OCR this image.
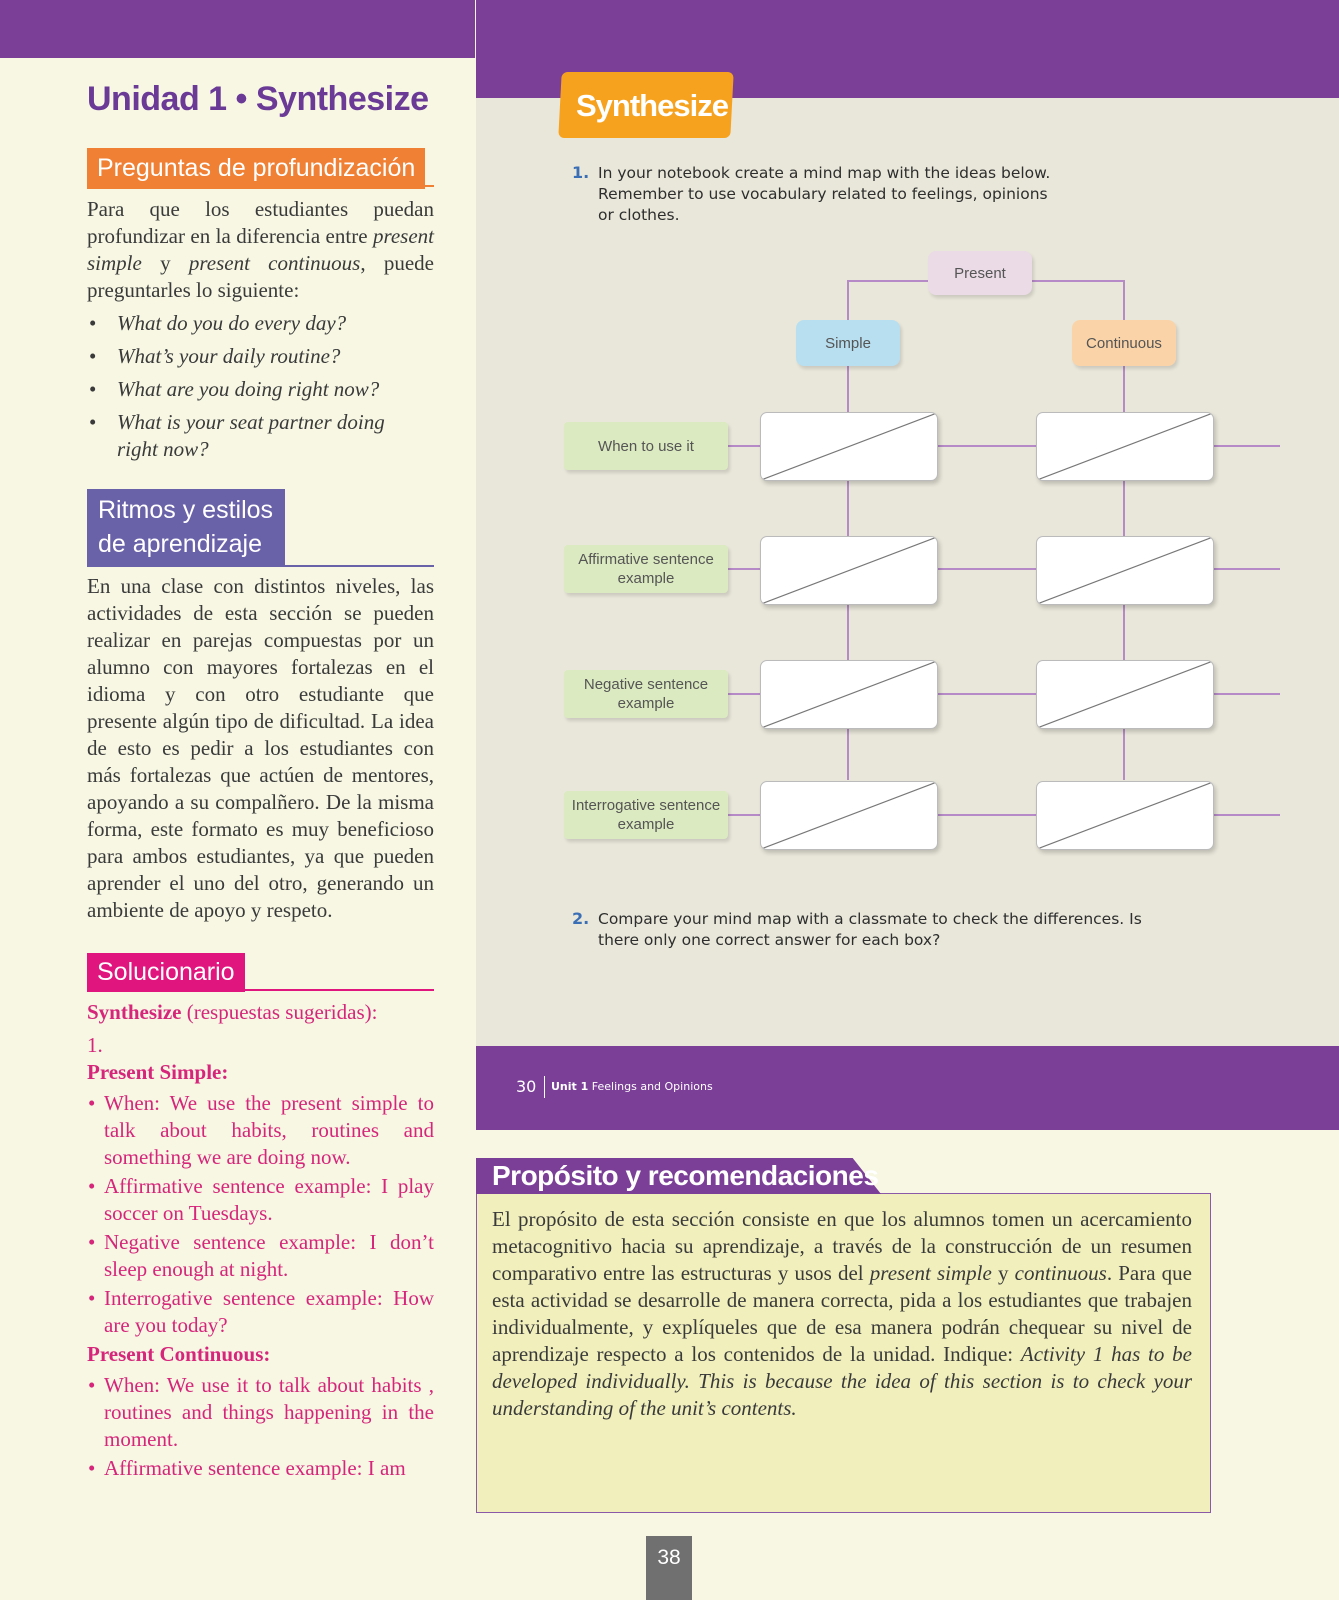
Unidad 1 • Synthesize
Preguntas de profundización
Para que los estudiantes puedan profundizar en la diferencia entre present simple y present continuous, puede preguntarles lo siguiente:
• What do you do every day?
• What’s your daily routine?
• What are you doing right now?
• What is your seat partner doing right now?
Ritmos y estilos
de aprendizaje
En una clase con distintos niveles, las actividades de esta sección se pueden realizar en parejas compuestas por un alumno con mayores fortalezas en el idioma y con otro estudiante que presente algún tipo de dificultad. La idea de esto es pedir a los estudiantes con más fortalezas que actúen de mentores, apoyando a su compalñero. De la misma forma, este formato es muy beneficioso para ambos estudiantes, ya que pueden aprender el uno del otro, generando un ambiente de apoyo y respeto.
Solucionario
Synthesize (respuestas sugeridas):
1.
Present Simple:
• When: We use the present simple to talk about habits, routines and something we are doing now.
• Affirmative sentence example: I play soccer on Tuesdays.
• Negative sentence example: I don’t sleep enough at night.
• Interrogative sentence example: How are you today?
Present Continuous:
• When: We use it to talk about habits , routines and things happening in the moment.
• Affirmative sentence example: I am
Synthesize
1. In your notebook create a mind map with the ideas below. Remember to use vocabulary related to feelings, opinions or clothes.
Present
Simple	Continuous
When to use it
Affirmative sentence example
Negative sentence example
Interrogative sentence example
2. Compare your mind map with a classmate to check the differences. Is there only one correct answer for each box?
30 Unit 1 Feelings and Opinions
Propósito y recomendaciones
El propósito de esta sección consiste en que los alumnos tomen un acercamiento metacognitivo hacia su aprendizaje, a través de la construcción de un resumen comparativo entre las estructuras y usos del present simple y continuous. Para que esta actividad se desarrolle de manera correcta, pida a los estudiantes que trabajen individualmente, y explíqueles que de esa manera podrán chequear su nivel de aprendizaje respecto a los contenidos de la unidad. Indique: Activity 1 has to be developed individually. This is because the idea of this section is to check your understanding of the unit’s contents.
38
